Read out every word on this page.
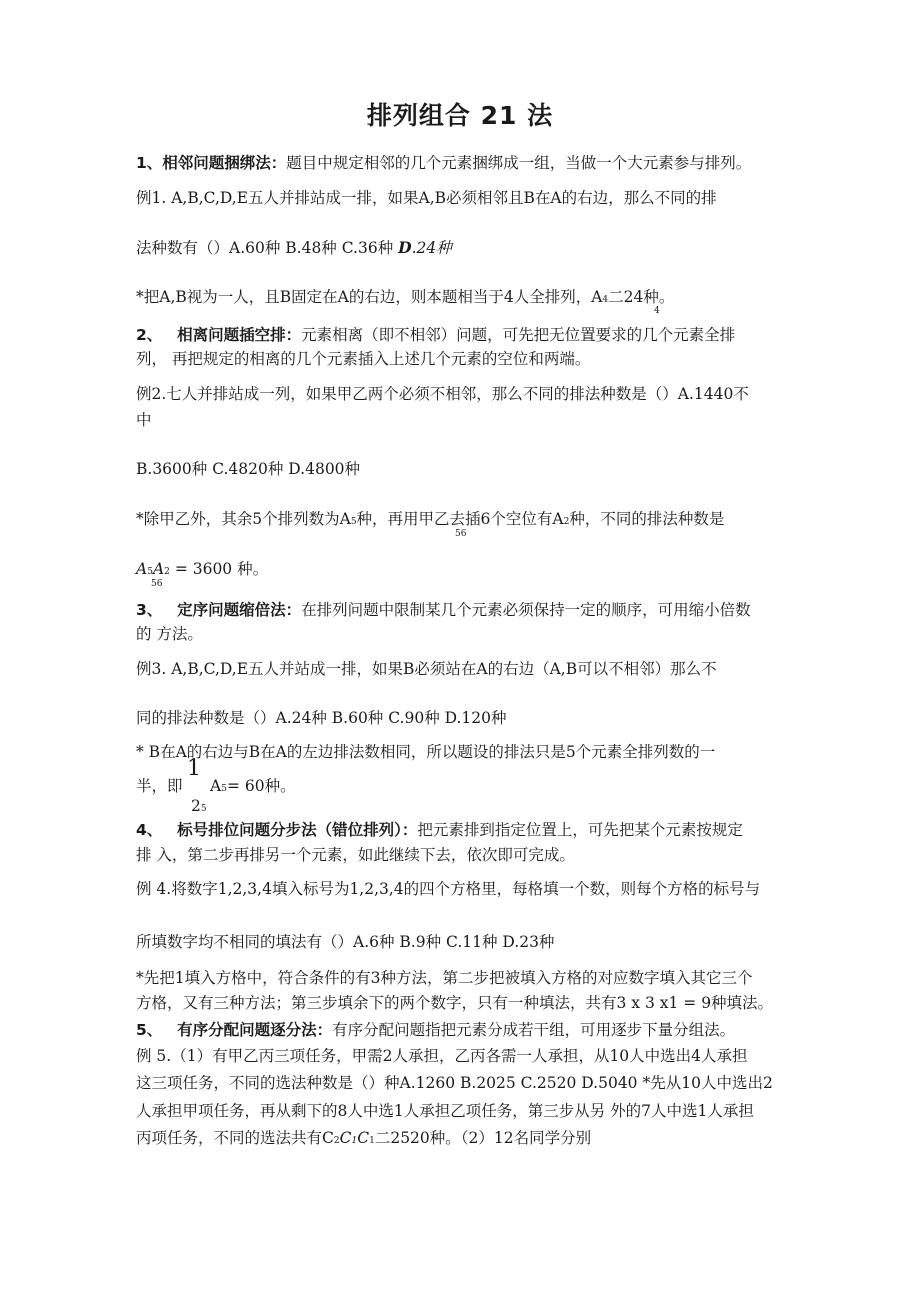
排列组合 21 法
1、相邻问题捆绑法：题目中规定相邻的几个元素捆绑成一组，当做一个大元素参与排列。
例1. A,B,C,D,E五人并排站成一排，如果A,B必须相邻且B在A的右边，那么不同的排
法种数有（）A.60种 B.48种 C.36种 D.24种
*把A,B视为一人，且B固定在A的右边，则本题相当于4人全排列，A4二24种。
4
2、 相离问题插空排：元素相离（即不相邻）问题，可先把无位置要求的几个元素全排
列， 再把规定的相离的几个元素插入上述几个元素的空位和两端。
例2.七人并排站成一列，如果甲乙两个必须不相邻，那么不同的排法种数是（）A.1440不
中
B.3600种 C.4820种 D.4800种
*除甲乙外，其余5个排列数为A5种，再用甲乙去插6个空位有A2种，不同的排法种数是
56
A5A2 = 3600 种。
56
3、 定序问题缩倍法：在排列问题中限制某几个元素必须保持一定的顺序，可用缩小倍数
的 方法。
例3. A,B,C,D,E五人并站成一排，如果B必须站在A的右边（A,B可以不相邻）那么不
同的排法种数是（）A.24种 B.60种 C.90种 D.120种
* B在A的右边与B在A的左边排法数相同，所以题设的排法只是5个元素全排列数的一
半，即
1
25
A5= 60种。
4、 标号排位问题分步法（错位排列）：把元素排到指定位置上，可先把某个元素按规定
排 入，第二步再排另一个元素，如此继续下去，依次即可完成。
例 4.将数字1,2,3,4填入标号为1,2,3,4的四个方格里，每格填一个数，则每个方格的标号与
所填数字均不相同的填法有（）A.6种 B.9种 C.11种 D.23种
*先把1填入方格中，符合条件的有3种方法，第二步把被填入方格的对应数字填入其它三个
方格，又有三种方法；第三步填余下的两个数字，只有一种填法，共有3 x 3 x1 = 9种填法。
5、 有序分配问题逐分法：有序分配问题指把元素分成若干组，可用逐步下量分组法。
例 5.（1）有甲乙丙三项任务，甲需2人承担，乙丙各需一人承担，从10人中选出4人承担
这三项任务，不同的选法种数是（）种A.1260 B.2025 C.2520 D.5040 *先从10人中选出2
人承担甲项任务，再从剩下的8人中选1人承担乙项任务，第三步从另 外的7人中选1人承担
丙项任务，不同的选法共有C2C1C1二2520种。（2）12名同学分别
